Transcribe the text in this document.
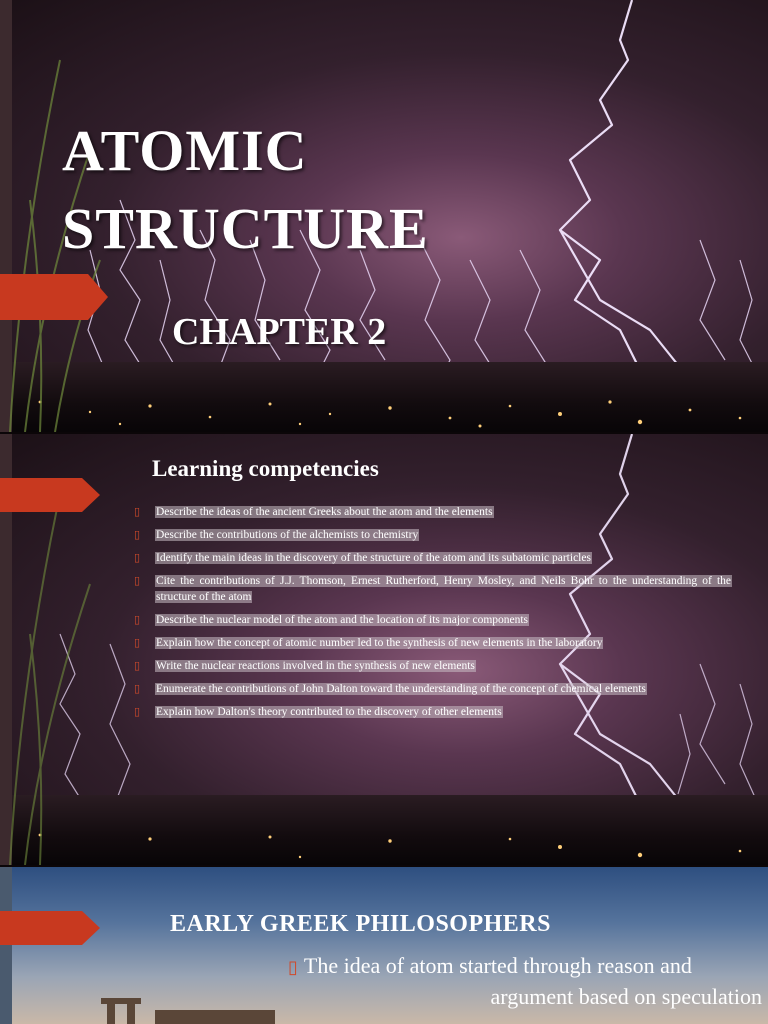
ATOMIC
STRUCTURE
CHAPTER 2
Learning competencies
▯ Describe the ideas of the ancient Greeks about the atom and the elements
▯ Describe the contributions of the alchemists to chemistry
▯ Identify the main ideas in the discovery of the structure of the atom and its subatomic particles
▯ Cite the contributions of J.J. Thomson, Ernest Rutherford, Henry Mosley, and Neils Bohr to the understanding of the structure of the atom
▯ Describe the nuclear model of the atom and the location of its major components
▯ Explain how the concept of atomic number led to the synthesis of new elements in the laboratory
▯ Write the nuclear reactions involved in the synthesis of new elements
▯ Enumerate the contributions of John Dalton toward the understanding of the concept of chemical elements
▯ Explain how Dalton's theory contributed to the discovery of other elements
EARLY GREEK PHILOSOPHERS
▯ The idea of atom started through reason and
argument based on speculation
